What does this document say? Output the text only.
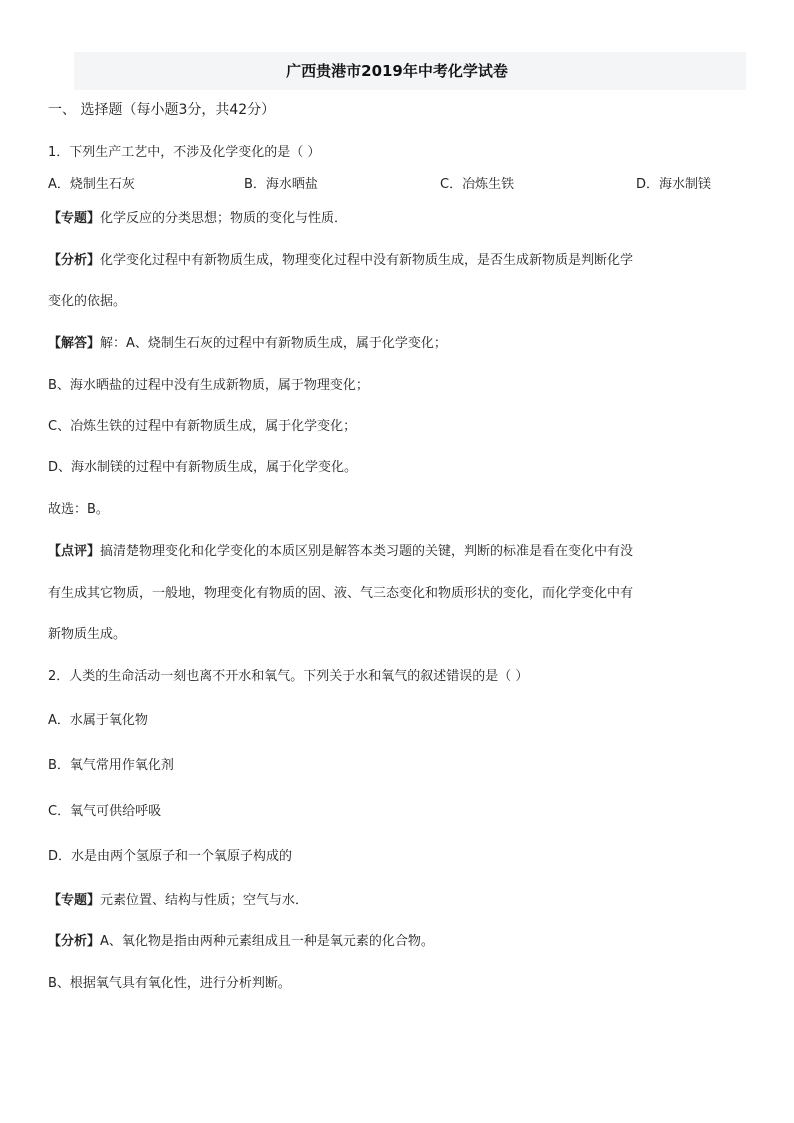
广西贵港市2019年中考化学试卷
一、 选择题（每小题3分，共42分）
1．下列生产工艺中，不涉及化学变化的是（ ）
A．烧制生石灰	B．海水晒盐	C．冶炼生铁	D．海水制镁
【专题】化学反应的分类思想；物质的变化与性质．
【分析】化学变化过程中有新物质生成，物理变化过程中没有新物质生成，是否生成新物质是判断化学
变化的依据。
【解答】解：A、烧制生石灰的过程中有新物质生成，属于化学变化；
B、海水晒盐的过程中没有生成新物质，属于物理变化；
C、冶炼生铁的过程中有新物质生成，属于化学变化；
D、海水制镁的过程中有新物质生成，属于化学变化。
故选：B。
【点评】搞清楚物理变化和化学变化的本质区别是解答本类习题的关键，判断的标准是看在变化中有没
有生成其它物质，一般地，物理变化有物质的固、液、气三态变化和物质形状的变化，而化学变化中有
新物质生成。
2．人类的生命活动一刻也离不开水和氧气。下列关于水和氧气的叙述错误的是（ ）
A．水属于氧化物
B．氧气常用作氧化剂
C．氧气可供给呼吸
D．水是由两个氢原子和一个氧原子构成的
【专题】元素位置、结构与性质；空气与水．
【分析】A、氧化物是指由两种元素组成且一种是氧元素的化合物。
B、根据氧气具有氧化性，进行分析判断。
